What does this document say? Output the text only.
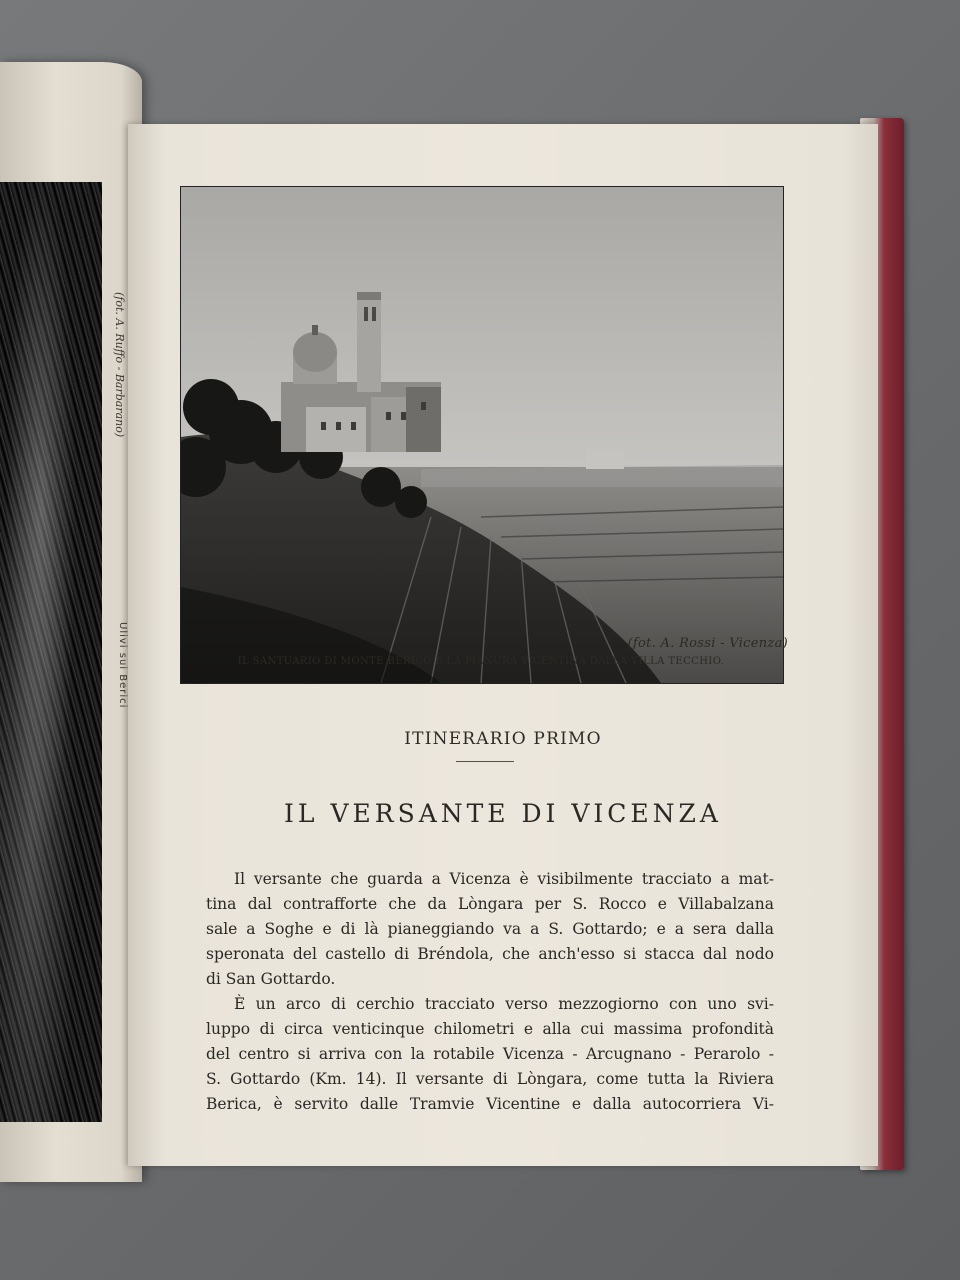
(fot. A. Ruffo - Barbarano)
Ulivi sui Berici	(fot. A. Rossi - Vicenza)
IL SANTUARIO DI MONTE BERICO E LA PIANURA VICENTINA DALLA VILLA TECCHIO.
ITINERARIO PRIMO
IL VERSANTE DI VICENZA
Il versante che guarda a Vicenza è visibilmente tracciato a mat-
tina dal contrafforte che da Lòngara per S. Rocco e Villabalzana
sale a Soghe e di là pianeggiando va a S. Gottardo; e a sera dalla
speronata del castello di Bréndola, che anch'esso si stacca dal nodo
di San Gottardo.
È un arco di cerchio tracciato verso mezzogiorno con uno svi-
luppo di circa venticinque chilometri e alla cui massima profondità
del centro si arriva con la rotabile Vicenza - Arcugnano - Perarolo -
S. Gottardo (Km. 14). Il versante di Lòngara, come tutta la Riviera
Berica, è servito dalle Tramvie Vicentine e dalla autocorriera Vi-
